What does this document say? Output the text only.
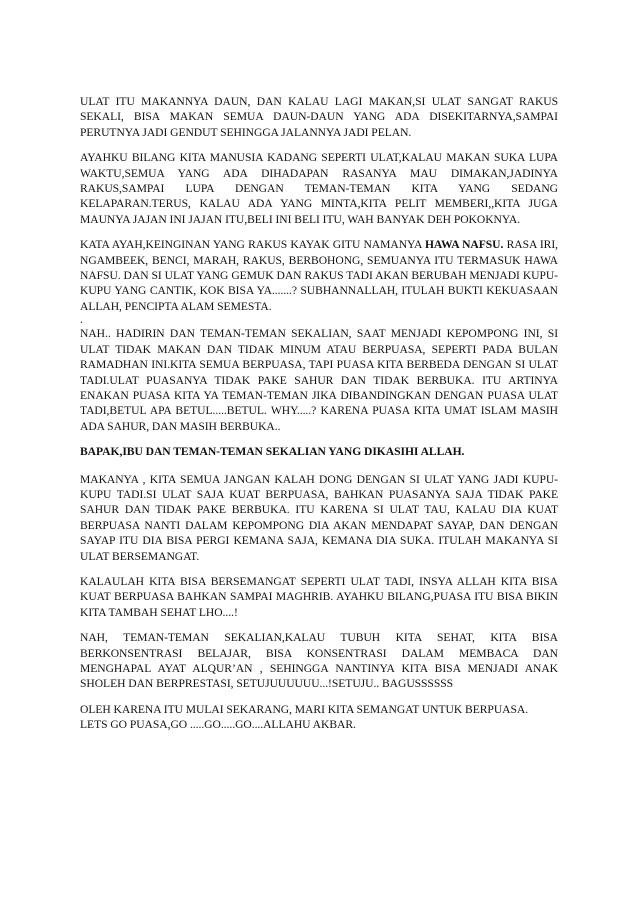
ULAT ITU MAKANNYA DAUN, DAN KALAU LAGI MAKAN,SI ULAT SANGAT RAKUS SEKALI, BISA MAKAN SEMUA DAUN-DAUN YANG ADA DISEKITARNYA,SAMPAI PERUTNYA JADI GENDUT SEHINGGA JALANNYA JADI PELAN.

AYAHKU BILANG KITA MANUSIA KADANG SEPERTI ULAT,KALAU MAKAN SUKA LUPA WAKTU,SEMUA YANG ADA DIHADAPAN RASANYA MAU DIMAKAN,JADINYA RAKUS,SAMPAI LUPA DENGAN TEMAN-TEMAN KITA YANG SEDANG KELAPARAN.TERUS, KALAU ADA YANG MINTA,KITA PELIT MEMBERI,,KITA JUGA MAUNYA JAJAN INI JAJAN ITU,BELI INI BELI ITU, WAH BANYAK DEH POKOKNYA.

KATA AYAH,KEINGINAN YANG RAKUS KAYAK GITU NAMANYA HAWA NAFSU. RASA IRI, NGAMBEEK, BENCI, MARAH, RAKUS, BERBOHONG, SEMUANYA ITU TERMASUK HAWA NAFSU. DAN SI ULAT YANG GEMUK DAN RAKUS TADI AKAN BERUBAH MENJADI KUPU-KUPU YANG CANTIK, KOK BISA YA.......? SUBHANNALLAH, ITULAH BUKTI KEKUASAAN ALLAH, PENCIPTA ALAM SEMESTA.

.

NAH.. HADIRIN DAN TEMAN-TEMAN SEKALIAN, SAAT MENJADI KEPOMPONG INI, SI ULAT TIDAK MAKAN DAN TIDAK MINUM ATAU BERPUASA, SEPERTI PADA BULAN RAMADHAN INI.KITA SEMUA BERPUASA, TAPI PUASA KITA BERBEDA DENGAN SI ULAT TADI.ULAT PUASANYA TIDAK PAKE SAHUR DAN TIDAK BERBUKA. ITU ARTINYA ENAKAN PUASA KITA YA TEMAN-TEMAN JIKA DIBANDINGKAN DENGAN PUASA ULAT TADI,BETUL APA BETUL.....BETUL. WHY.....? KARENA PUASA KITA UMAT ISLAM MASIH ADA SAHUR, DAN MASIH BERBUKA..

BAPAK,IBU DAN TEMAN-TEMAN SEKALIAN YANG DIKASIHI ALLAH.

MAKANYA , KITA SEMUA JANGAN KALAH DONG DENGAN SI ULAT YANG JADI KUPU-KUPU TADI.SI ULAT SAJA KUAT BERPUASA, BAHKAN PUASANYA SAJA TIDAK PAKE SAHUR DAN TIDAK PAKE BERBUKA. ITU KARENA SI ULAT TAU, KALAU DIA KUAT BERPUASA NANTI DALAM KEPOMPONG DIA AKAN MENDAPAT SAYAP, DAN DENGAN SAYAP ITU DIA BISA PERGI KEMANA SAJA, KEMANA DIA SUKA. ITULAH MAKANYA SI ULAT BERSEMANGAT.

KALAULAH KITA BISA BERSEMANGAT SEPERTI ULAT TADI, INSYA ALLAH KITA BISA KUAT BERPUASA BAHKAN SAMPAI MAGHRIB. AYAHKU BILANG,PUASA ITU BISA BIKIN KITA TAMBAH SEHAT LHO....!

NAH, TEMAN-TEMAN SEKALIAN,KALAU TUBUH KITA SEHAT, KITA BISA BERKONSENTRASI BELAJAR, BISA KONSENTRASI DALAM MEMBACA DAN MENGHAPAL AYAT ALQUR’AN , SEHINGGA NANTINYA KITA BISA MENJADI ANAK SHOLEH DAN BERPRESTASI, SETUJUUUUUU...!SETUJU.. BAGUSSSSSS

OLEH KARENA ITU MULAI SEKARANG, MARI KITA SEMANGAT UNTUK BERPUASA.
LETS GO PUASA,GO .....GO.....GO....ALLAHU AKBAR.
